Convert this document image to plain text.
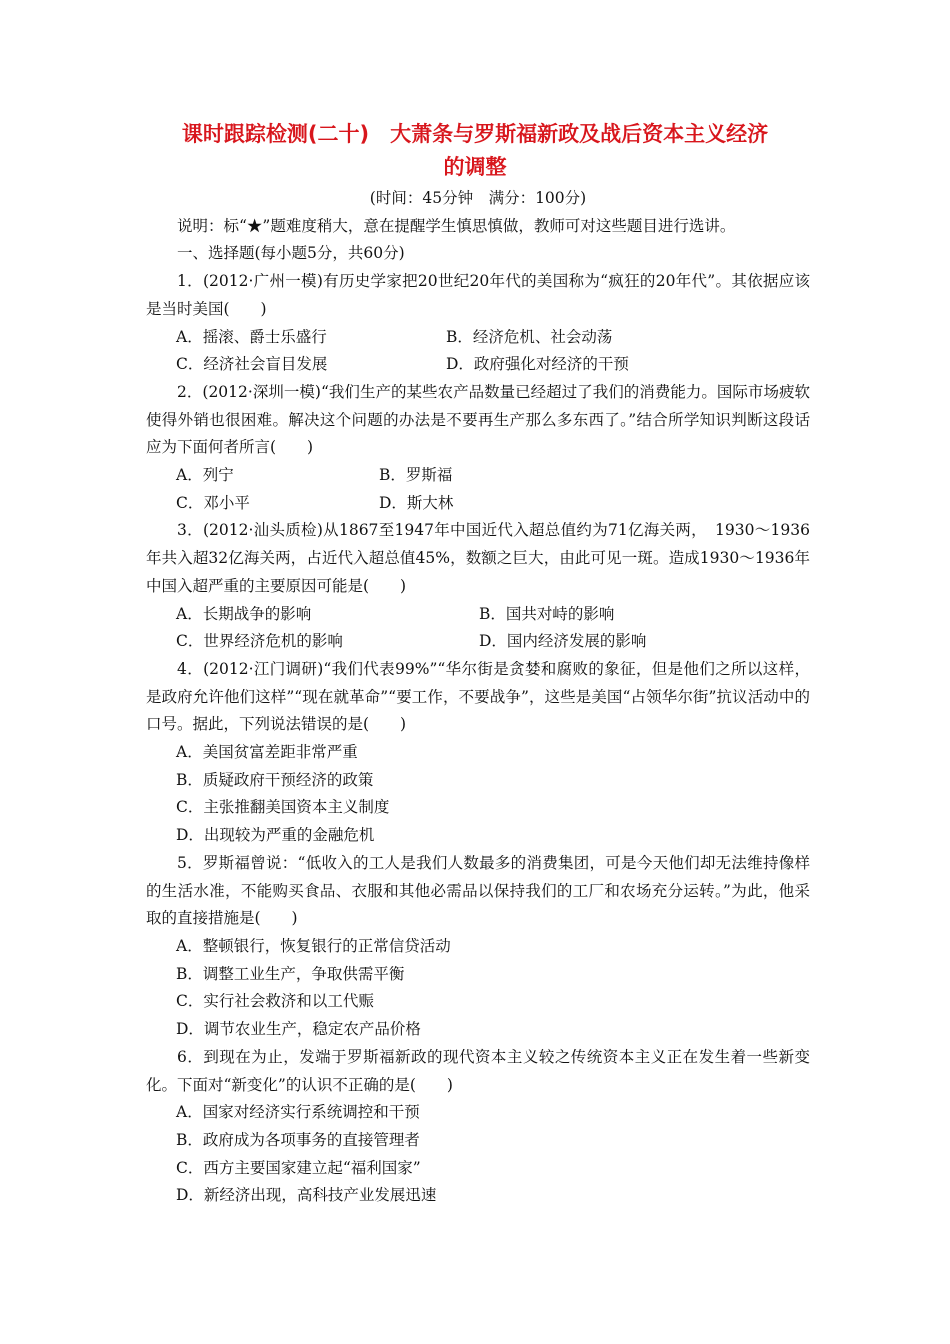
课时跟踪检测(二十)　大萧条与罗斯福新政及战后资本主义经济
的调整

(时间：45分钟　满分：100分)

说明：标“★”题难度稍大，意在提醒学生慎思慎做，教师可对这些题目进行选讲。

一、选择题(每小题5分，共60分)

1．(2012·广州一模)有历史学家把20世纪20年代的美国称为“疯狂的20年代”。其依据应该是当时美国(　　)

A．摇滚、爵士乐盛行	B．经济危机、社会动荡
C．经济社会盲目发展	D．政府强化对经济的干预

2．(2012·深圳一模)“我们生产的某些农产品数量已经超过了我们的消费能力。国际市场疲软使得外销也很困难。解决这个问题的办法是不要再生产那么多东西了。”结合所学知识判断这段话应为下面何者所言(　　)

A．列宁	B．罗斯福
C．邓小平	D．斯大林

3．(2012·汕头质检)从1867至1947年中国近代入超总值约为71亿海关两，　1930～1936年共入超32亿海关两，占近代入超总值45%，数额之巨大，由此可见一斑。造成1930～1936年中国入超严重的主要原因可能是(　　)

A．长期战争的影响	B．国共对峙的影响
C．世界经济危机的影响	D．国内经济发展的影响

4．(2012·江门调研)“我们代表99%”“华尔街是贪婪和腐败的象征，但是他们之所以这样，是政府允许他们这样”“现在就革命”“要工作，不要战争”，这些是美国“占领华尔街”抗议活动中的口号。据此，下列说法错误的是(　　)

A．美国贫富差距非常严重
B．质疑政府干预经济的政策
C．主张推翻美国资本主义制度
D．出现较为严重的金融危机

5．罗斯福曾说：“低收入的工人是我们人数最多的消费集团，可是今天他们却无法维持像样的生活水准，不能购买食品、衣服和其他必需品以保持我们的工厂和农场充分运转。”为此，他采取的直接措施是(　　)

A．整顿银行，恢复银行的正常信贷活动
B．调整工业生产，争取供需平衡
C．实行社会救济和以工代赈
D．调节农业生产，稳定农产品价格

6．到现在为止，发端于罗斯福新政的现代资本主义较之传统资本主义正在发生着一些新变化。下面对“新变化”的认识不正确的是(　　)

A．国家对经济实行系统调控和干预
B．政府成为各项事务的直接管理者
C．西方主要国家建立起“福利国家”
D．新经济出现，高科技产业发展迅速
